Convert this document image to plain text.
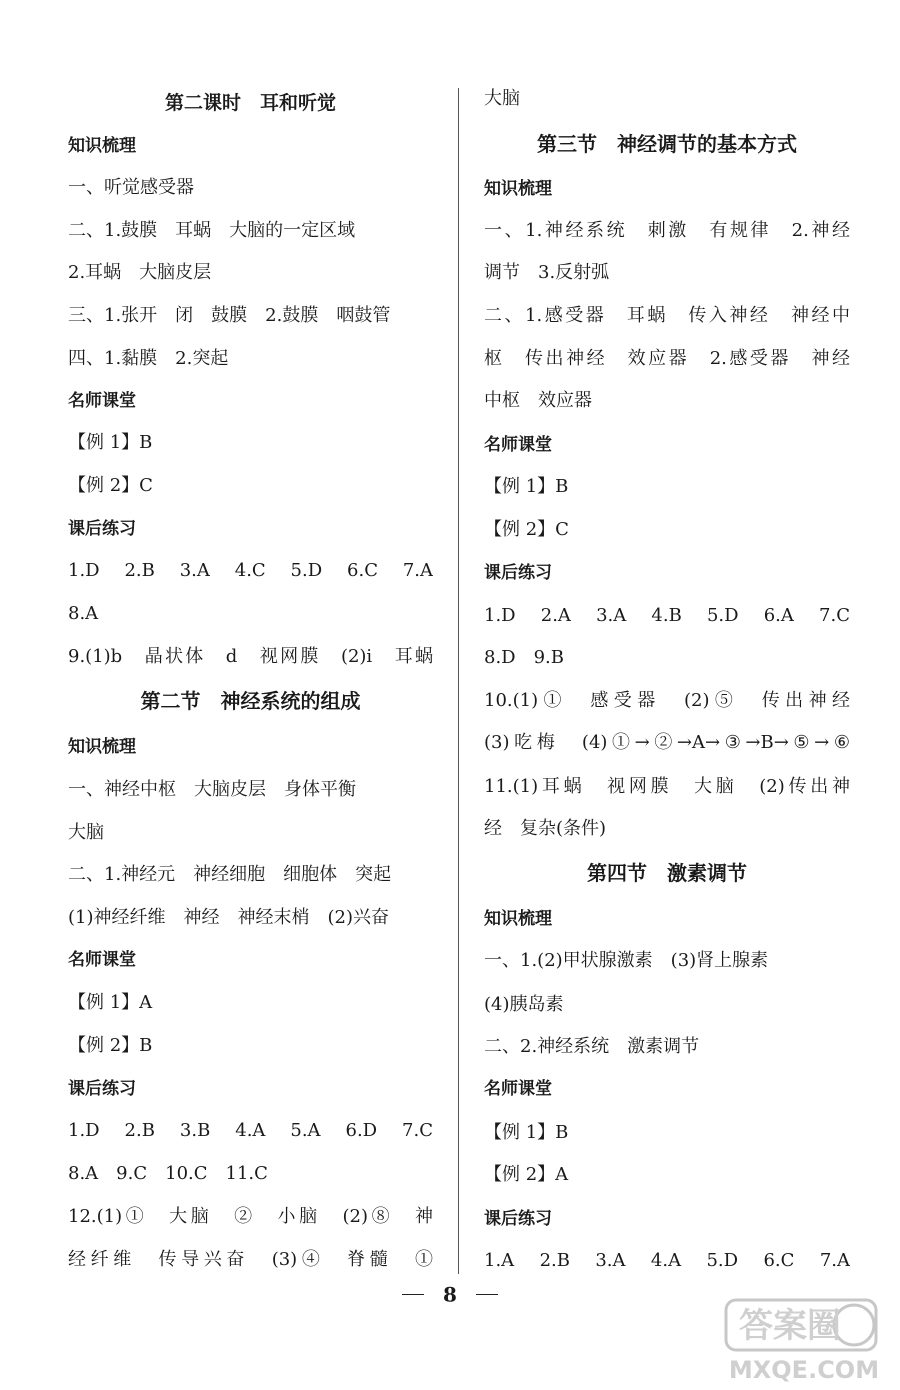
第二课时　耳和听觉
知识梳理
一、听觉感受器
二、1.鼓膜　耳蜗　大脑的一定区域
2.耳蜗　大脑皮层
三、1.张开　闭　鼓膜　2.鼓膜　咽鼓管
四、1.黏膜　2.突起
名师课堂
【例 1】B
【例 2】C
课后练习
1.D　2.B　3.A　4.C　5.D　6.C　7.A
8.A
9.(1)b　晶状体　d　视网膜　(2)i　耳蜗
第二节　神经系统的组成
知识梳理
一、神经中枢　大脑皮层　身体平衡
大脑
二、1.神经元　神经细胞　细胞体　突起
(1)神经纤维　神经　神经末梢　(2)兴奋
名师课堂
【例 1】A
【例 2】B
课后练习
1.D　2.B　3.B　4.A　5.A　6.D　7.C
8.A　9.C　10.C　11.C
12.(1)①　大脑　②　小脑　(2)⑧　神
经纤维　传导兴奋　(3)④　脊髓　①
大脑
第三节　神经调节的基本方式
知识梳理
一、1.神经系统　刺激　有规律　2.神经
调节　3.反射弧
二、1.感受器　耳蜗　传入神经　神经中
枢　传出神经　效应器　2.感受器　神经
中枢　效应器
名师课堂
【例 1】B
【例 2】C
课后练习
1.D　2.A　3.A　4.B　5.D　6.A　7.C
8.D　9.B
10.(1)①　感受器　(2)⑤　传出神经
(3)吃梅　(4)①→②→A→③→B→⑤→⑥
11.(1)耳蜗　视网膜　大脑　(2)传出神
经　复杂(条件)
第四节　激素调节
知识梳理
一、1.(2)甲状腺激素　(3)肾上腺素
(4)胰岛素
二、2.神经系统　激素调节
名师课堂
【例 1】B
【例 2】A
课后练习
1.A　2.B　3.A　4.A　5.D　6.C　7.A
8
答案圈
MXQE.COM
